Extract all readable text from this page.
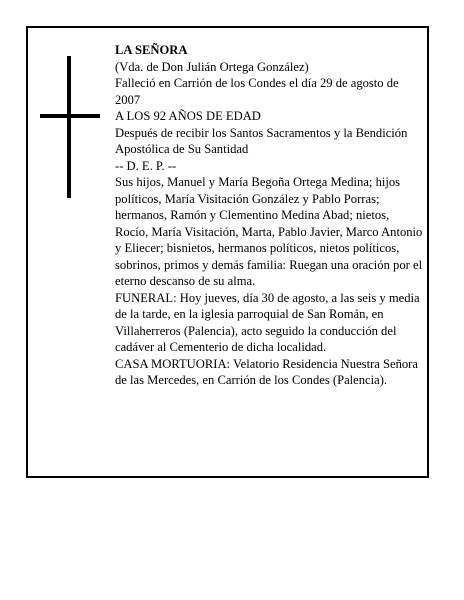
LA SEÑORA

(Vda. de Don Julián Ortega González)

Falleció en Carrión de los Condes el día 29 de agosto de 2007

A LOS 92 AÑOS DE EDAD

Después de recibir los Santos Sacramentos y la Bendición Apostólica de Su Santidad

-- D. E. P. --

Sus hijos, Manuel y María Begoña Ortega Medina; hijos políticos, María Visitación González y Pablo Porras; hermanos, Ramón y Clementino Medina Abad; nietos, Rocío, María Visitación, Marta, Pablo Javier, Marco Antonio y Eliecer; bisnietos, hermanos políticos, nietos políticos, sobrinos, primos y demás familia: Ruegan una oración por el eterno descanso de su alma.

FUNERAL: Hoy jueves, día 30 de agosto, a las seis y media de la tarde, en la iglesia parroquial de San Román, en Villaherreros (Palencia), acto seguido la conducción del cadáver al Cementerio de dicha localidad.

CASA MORTUORIA: Velatorio Residencia Nuestra Señora de las Mercedes, en Carrión de los Condes (Palencia).
